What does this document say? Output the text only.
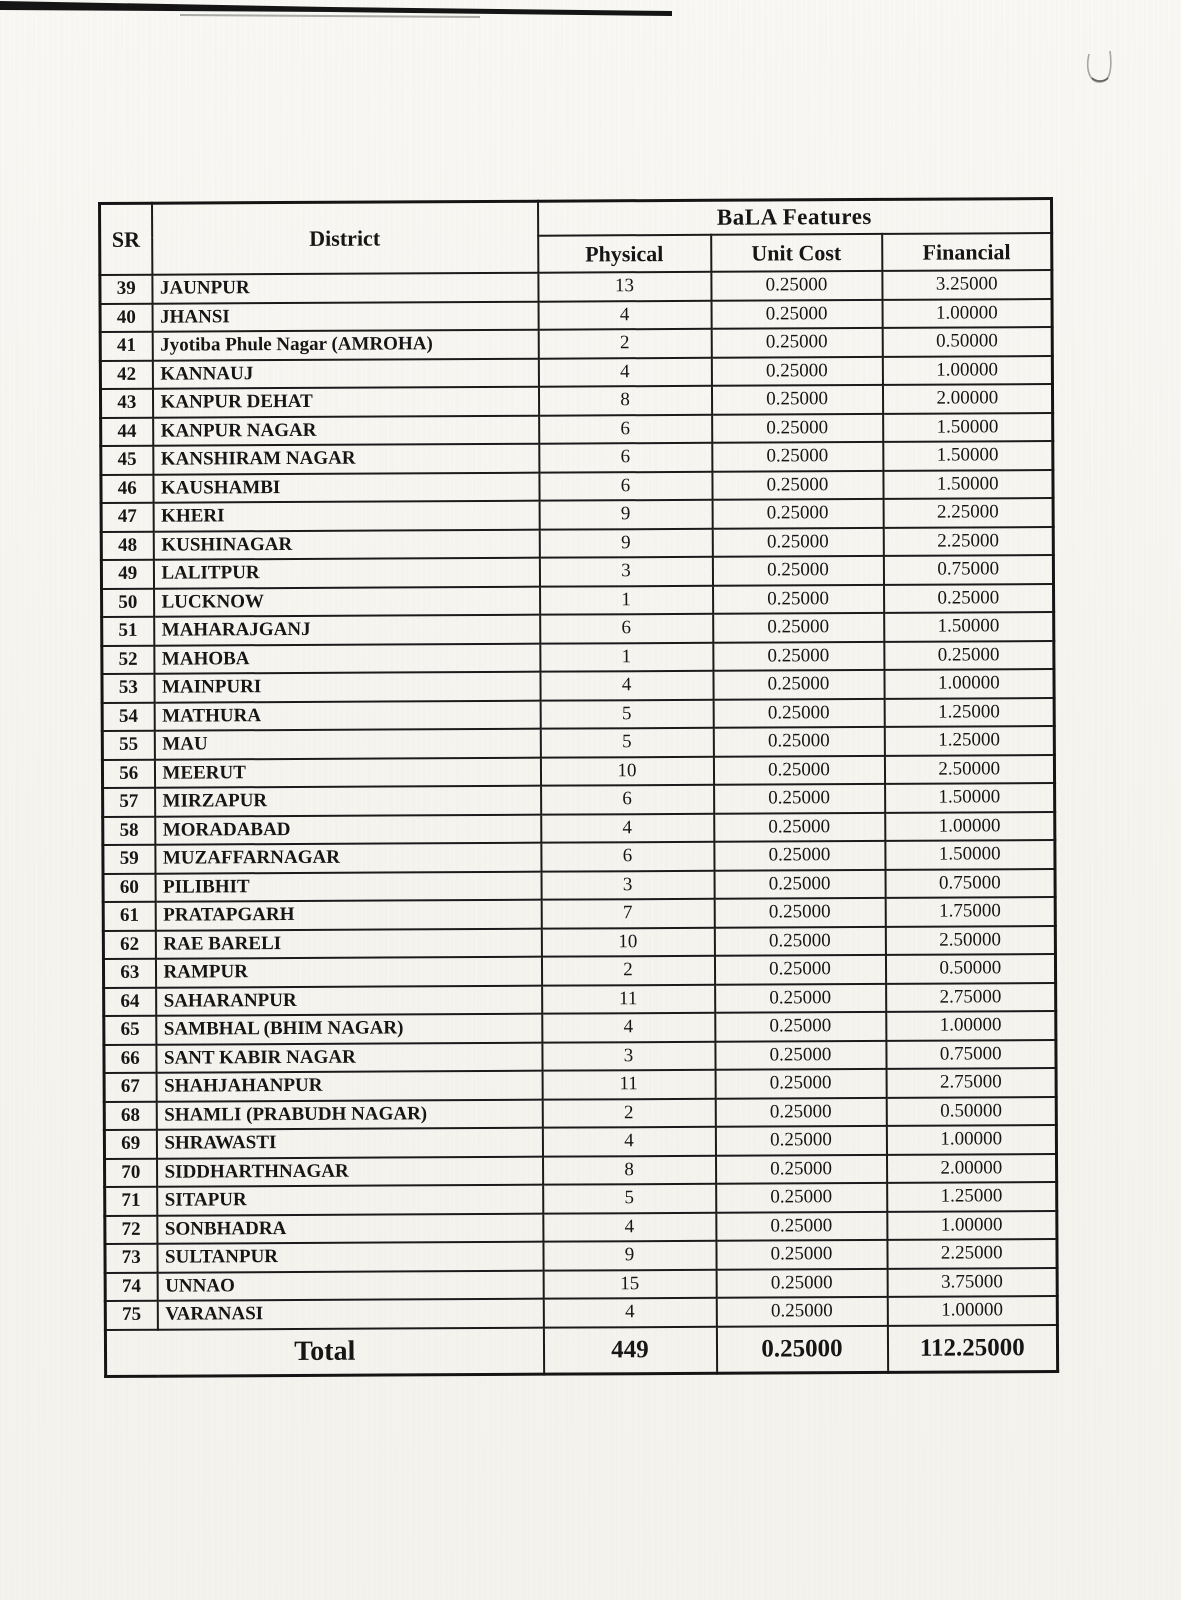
SR	District	BaLA Features		
		Physical	Unit Cost	Financial
39	JAUNPUR	13	0.25000	3.25000
40	JHANSI	4	0.25000	1.00000
41	Jyotiba Phule Nagar (AMROHA)	2	0.25000	0.50000
42	KANNAUJ	4	0.25000	1.00000
43	KANPUR DEHAT	8	0.25000	2.00000
44	KANPUR NAGAR	6	0.25000	1.50000
45	KANSHIRAM NAGAR	6	0.25000	1.50000
46	KAUSHAMBI	6	0.25000	1.50000
47	KHERI	9	0.25000	2.25000
48	KUSHINAGAR	9	0.25000	2.25000
49	LALITPUR	3	0.25000	0.75000
50	LUCKNOW	1	0.25000	0.25000
51	MAHARAJGANJ	6	0.25000	1.50000
52	MAHOBA	1	0.25000	0.25000
53	MAINPURI	4	0.25000	1.00000
54	MATHURA	5	0.25000	1.25000
55	MAU	5	0.25000	1.25000
56	MEERUT	10	0.25000	2.50000
57	MIRZAPUR	6	0.25000	1.50000
58	MORADABAD	4	0.25000	1.00000
59	MUZAFFARNAGAR	6	0.25000	1.50000
60	PILIBHIT	3	0.25000	0.75000
61	PRATAPGARH	7	0.25000	1.75000
62	RAE BARELI	10	0.25000	2.50000
63	RAMPUR	2	0.25000	0.50000
64	SAHARANPUR	11	0.25000	2.75000
65	SAMBHAL (BHIM NAGAR)	4	0.25000	1.00000
66	SANT KABIR NAGAR	3	0.25000	0.75000
67	SHAHJAHANPUR	11	0.25000	2.75000
68	SHAMLI (PRABUDH NAGAR)	2	0.25000	0.50000
69	SHRAWASTI	4	0.25000	1.00000
70	SIDDHARTHNAGAR	8	0.25000	2.00000
71	SITAPUR	5	0.25000	1.25000
72	SONBHADRA	4	0.25000	1.00000
73	SULTANPUR	9	0.25000	2.25000
74	UNNAO	15	0.25000	3.75000
75	VARANASI	4	0.25000	1.00000
Total		449	0.25000	112.25000
